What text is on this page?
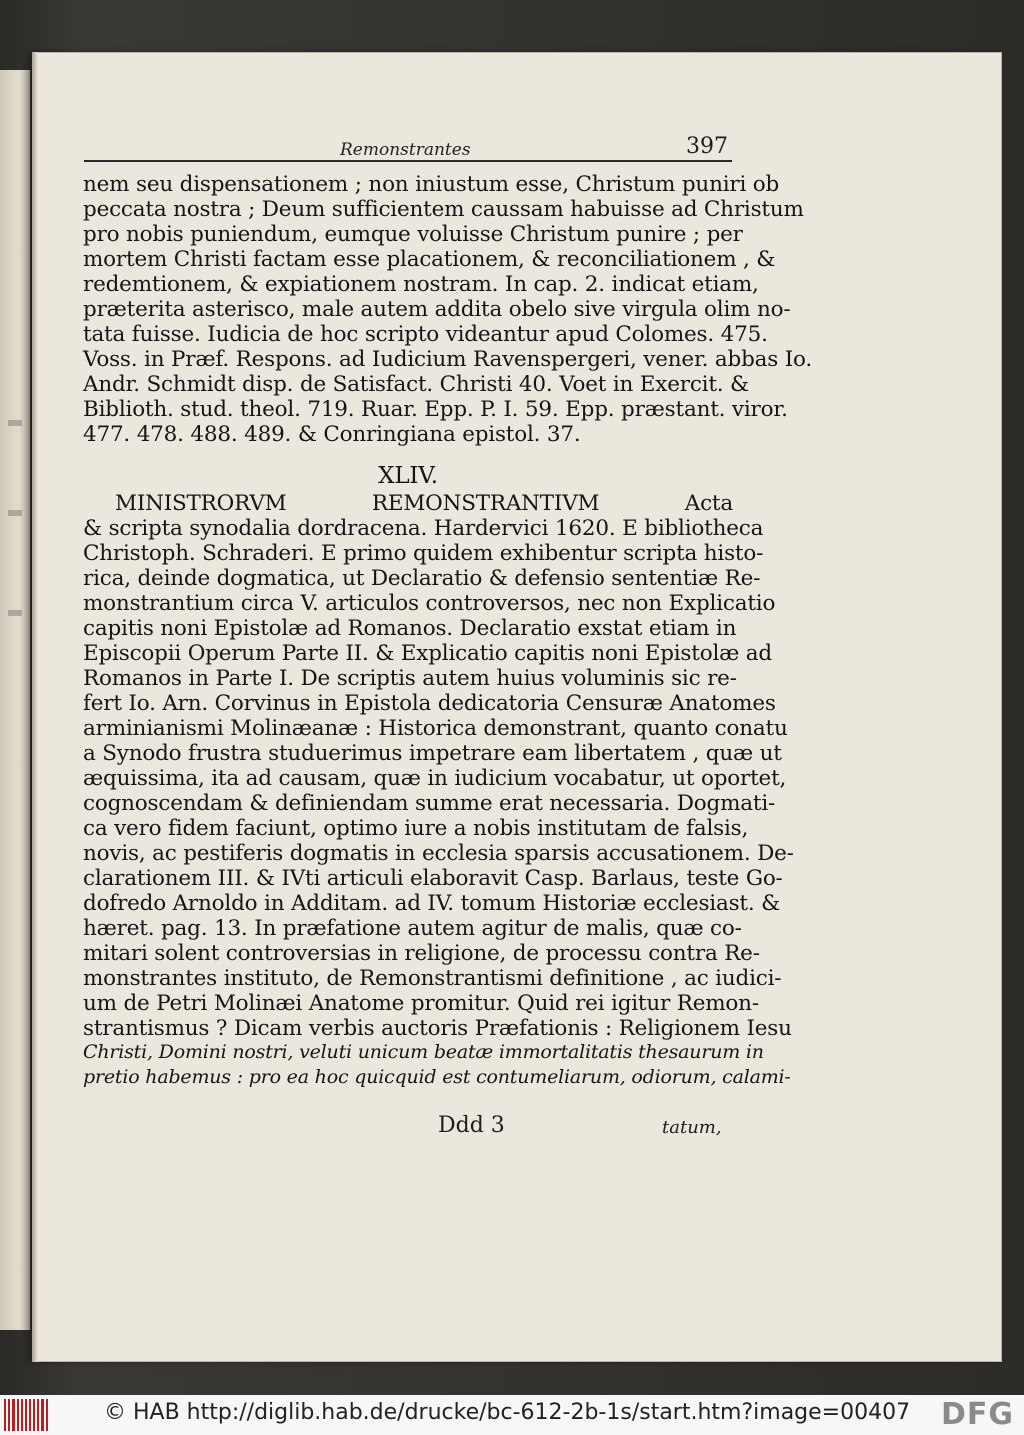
Remonstrantes	397
nem seu dispensationem ; non iniustum esse, Christum puniri ob
peccata nostra ; Deum sufficientem caussam habuisse ad Christum
pro nobis puniendum, eumque voluisse Christum punire ; per
mortem Christi factam esse placationem, & reconciliationem , &
redemtionem, & expiationem nostram. In cap. 2. indicat etiam,
præterita asterisco, male autem addita obelo sive virgula olim no-
tata fuisse. Iudicia de hoc scripto videantur apud Colomes. 475.
Voss. in Præf. Respons. ad Iudicium Ravenspergeri, vener. abbas Io.
Andr. Schmidt disp. de Satisfact. Christi 40. Voet in Exercit. &
Biblioth. stud. theol. 719. Ruar. Epp. P. I. 59. Epp. præstant. viror.
477. 478. 488. 489. & Conringiana epistol. 37.
XLIV.
MINISTRORVM REMONSTRANTIVM Acta
& scripta synodalia dordracena. Hardervici 1620. E bibliotheca
Christoph. Schraderi. E primo quidem exhibentur scripta histo-
rica, deinde dogmatica, ut Declaratio & defensio sententiæ Re-
monstrantium circa V. articulos controversos, nec non Explicatio
capitis noni Epistolæ ad Romanos. Declaratio exstat etiam in
Episcopii Operum Parte II. & Explicatio capitis noni Epistolæ ad
Romanos in Parte I. De scriptis autem huius voluminis sic re-
fert Io. Arn. Corvinus in Epistola dedicatoria Censuræ Anatomes
arminianismi Molinæanæ : Historica demonstrant, quanto conatu
a Synodo frustra studuerimus impetrare eam libertatem , quæ ut
æquissima, ita ad causam, quæ in iudicium vocabatur, ut oportet,
cognoscendam & definiendam summe erat necessaria. Dogmati-
ca vero fidem faciunt, optimo iure a nobis institutam de falsis,
novis, ac pestiferis dogmatis in ecclesia sparsis accusationem. De-
clarationem III. & IVti articuli elaboravit Casp. Barlaus, teste Go-
dofredo Arnoldo in Additam. ad IV. tomum Historiæ ecclesiast. &
hæret. pag. 13. In præfatione autem agitur de malis, quæ co-
mitari solent controversias in religione, de processu contra Re-
monstrantes instituto, de Remonstrantismi definitione , ac iudici-
um de Petri Molinæi Anatome promitur. Quid rei igitur Remon-
strantismus ? Dicam verbis auctoris Præfationis : Religionem Iesu
Christi, Domini nostri, veluti unicum beatæ immortalitatis thesaurum in
pretio habemus : pro ea hoc quicquid est contumeliarum, odiorum, calami-
Ddd 3	tatum,
© HAB http://diglib.hab.de/drucke/bc-612-2b-1s/start.htm?image=00407 DFG
